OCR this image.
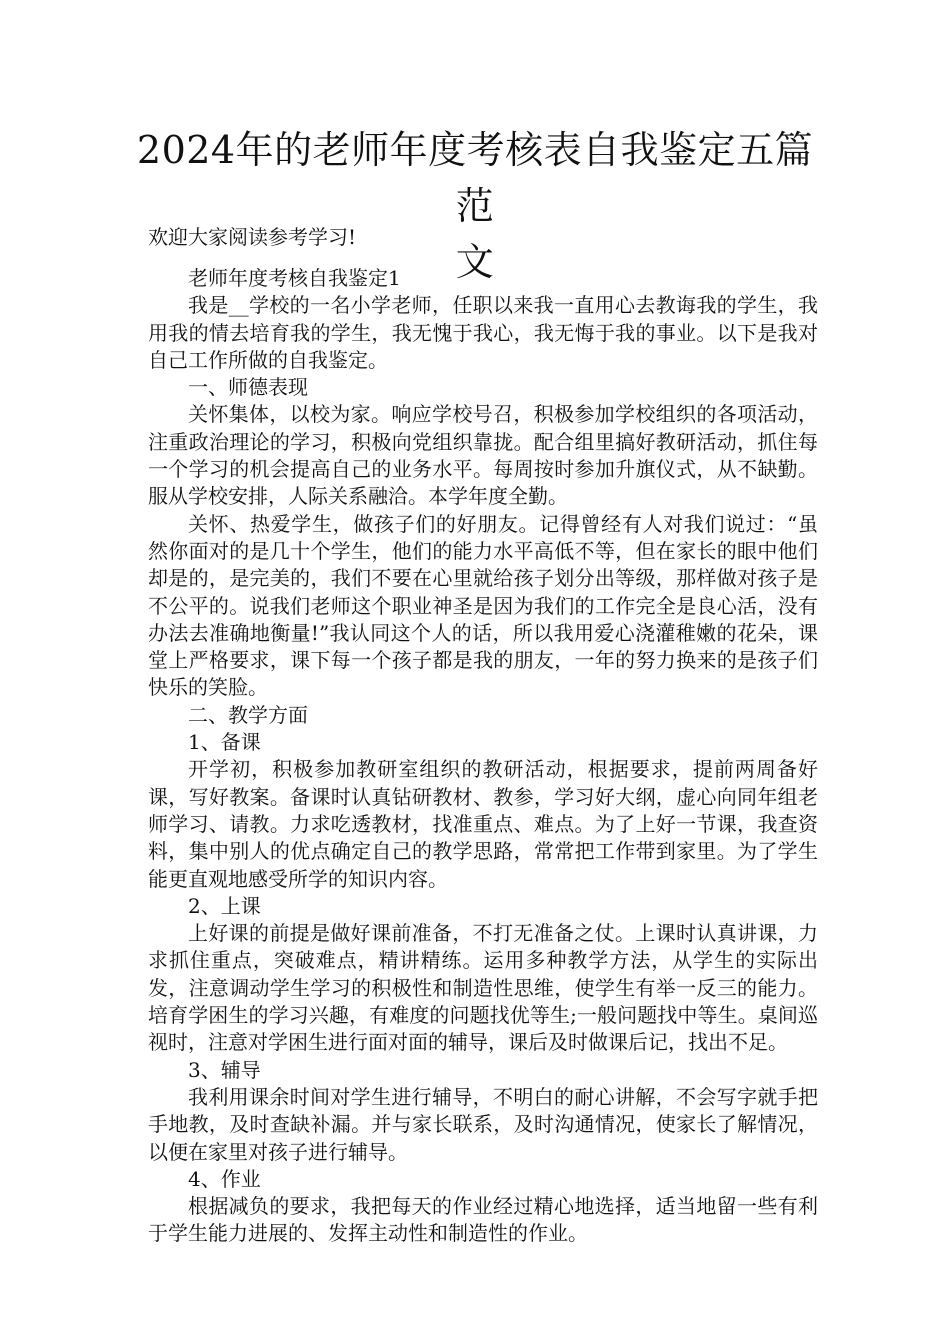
2024年的老师年度考核表自我鉴定五篇范
文
欢迎大家阅读参考学习!

老师年度考核自我鉴定1

我是__学校的一名小学老师，任职以来我一直用心去教诲我的学生，我用我的情去培育我的学生，我无愧于我心，我无悔于我的事业。以下是我对自己工作所做的自我鉴定。

一、师德表现

关怀集体，以校为家。响应学校号召，积极参加学校组织的各项活动，注重政治理论的学习，积极向党组织靠拢。配合组里搞好教研活动，抓住每一个学习的机会提高自己的业务水平。每周按时参加升旗仪式，从不缺勤。服从学校安排，人际关系融洽。本学年度全勤。

关怀、热爱学生，做孩子们的好朋友。记得曾经有人对我们说过：“虽然你面对的是几十个学生，他们的能力水平高低不等，但在家长的眼中他们却是的，是完美的，我们不要在心里就给孩子划分出等级，那样做对孩子是不公平的。说我们老师这个职业神圣是因为我们的工作完全是良心活，没有办法去准确地衡量!”我认同这个人的话，所以我用爱心浇灌稚嫩的花朵，课堂上严格要求，课下每一个孩子都是我的朋友，一年的努力换来的是孩子们快乐的笑脸。

二、教学方面

1、备课

开学初，积极参加教研室组织的教研活动，根据要求，提前两周备好课，写好教案。备课时认真钻研教材、教参，学习好大纲，虚心向同年组老师学习、请教。力求吃透教材，找准重点、难点。为了上好一节课，我查资料，集中别人的优点确定自己的教学思路，常常把工作带到家里。为了学生能更直观地感受所学的知识内容。

2、上课

上好课的前提是做好课前准备，不打无准备之仗。上课时认真讲课，力求抓住重点，突破难点，精讲精练。运用多种教学方法，从学生的实际出发，注意调动学生学习的积极性和制造性思维，使学生有举一反三的能力。培育学困生的学习兴趣，有难度的问题找优等生;一般问题找中等生。桌间巡视时，注意对学困生进行面对面的辅导，课后及时做课后记，找出不足。

3、辅导

我利用课余时间对学生进行辅导，不明白的耐心讲解，不会写字就手把手地教，及时查缺补漏。并与家长联系，及时沟通情况，使家长了解情况，以便在家里对孩子进行辅导。

4、作业

根据减负的要求，我把每天的作业经过精心地选择，适当地留一些有利于学生能力进展的、发挥主动性和制造性的作业。
